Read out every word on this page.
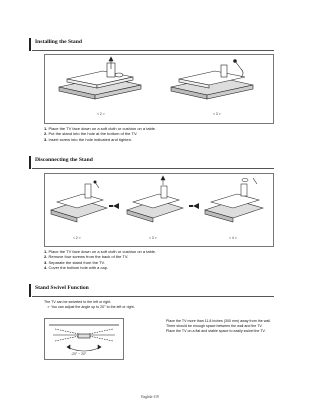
Installing the Stand
< 2 >	< 3 >
1. Place the TV face down on a soft cloth or cushion on a table.
2. Put the stand into the hole at the bottom of the TV.
3. Insert screw into the hole indicated and tighten.
Disconnecting the Stand
< 2 >	< 3 >	< 4 >
1. Place the TV face down on a soft cloth or cushion on a table.
2. Remove four screws from the back of the TV.
3. Separate the stand from the TV.
4. Cover the bottom hole with a cap.
Stand Swivel Function
The TV can be swiveled to the left or right.
➢ You can adjust the angle up to 20° to the left or right.
-20° ~ 20°
Place the TV more than 11.8 inches (300 mm) away from the wall.
There should be enough space between the wall and the TV.
Place the TV on a flat and stable space to easily swivel the TV.
English-119
